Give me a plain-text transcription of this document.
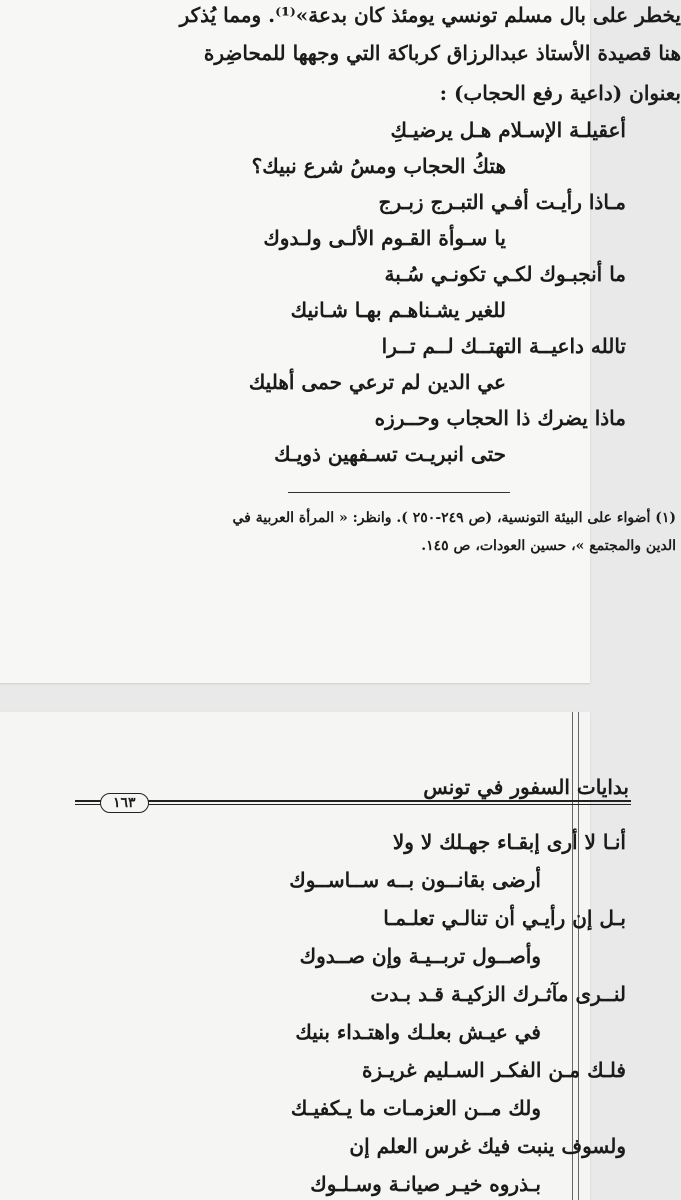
يخطر على بال مسلم تونسي يومئذ كان بدعة»⁽¹⁾. ومما يُذكر
هنا قصيدة الأستاذ عبدالرزاق كرباكة التي وجهها للمحاضِرة
بعنوان (داعية رفع الحجاب) :
أعقيلـة الإسـلام هـل يرضيـكِ
هتكُ الحجاب ومسُ شرع نبيك؟
مـاذا رأيـت أفـي التبـرج زبـرج
يا سـوأة القـوم الألـى ولـدوك
ما أنجبـوك لكـي تكونـي سُـبة
للغير يشـناهـم بهـا شـانيك
تالله داعيــة التهتــك لــم تــرا
عي الدين لم ترعي حمى أهليك
ماذا يضرك ذا الحجاب وحــرزه
حتى انبريـت تسـفهين ذويـك
(١) أضواء على البيئة التونسية، (ص ٢٤٩-٢٥٠ ). وانظر: « المرأة العربية في
الدين والمجتمع »، حسين العودات، ص ١٤٥.
بدايات السفور في تونس
١٦٣
أنـا لا أرى إبقـاء جهـلك لا ولا
أرضى بقانــون بــه ســاســوك
بـل إن رأيـي أن تنالـي تعلـمـا
وأصــول تربــيـة وإن صــدوك
لنــرى مآثـرك الزكيـة قـد بـدت
في عيـش بعلـك واهتـداء بنيك
فلـك مـن الفكـر السـليم غريـزة
ولك مــن العزمـات ما يـكفيـك
ولسوف ينبت فيك غرس العلم إن
بـذروه خيـر صيانـة وسـلـوك
